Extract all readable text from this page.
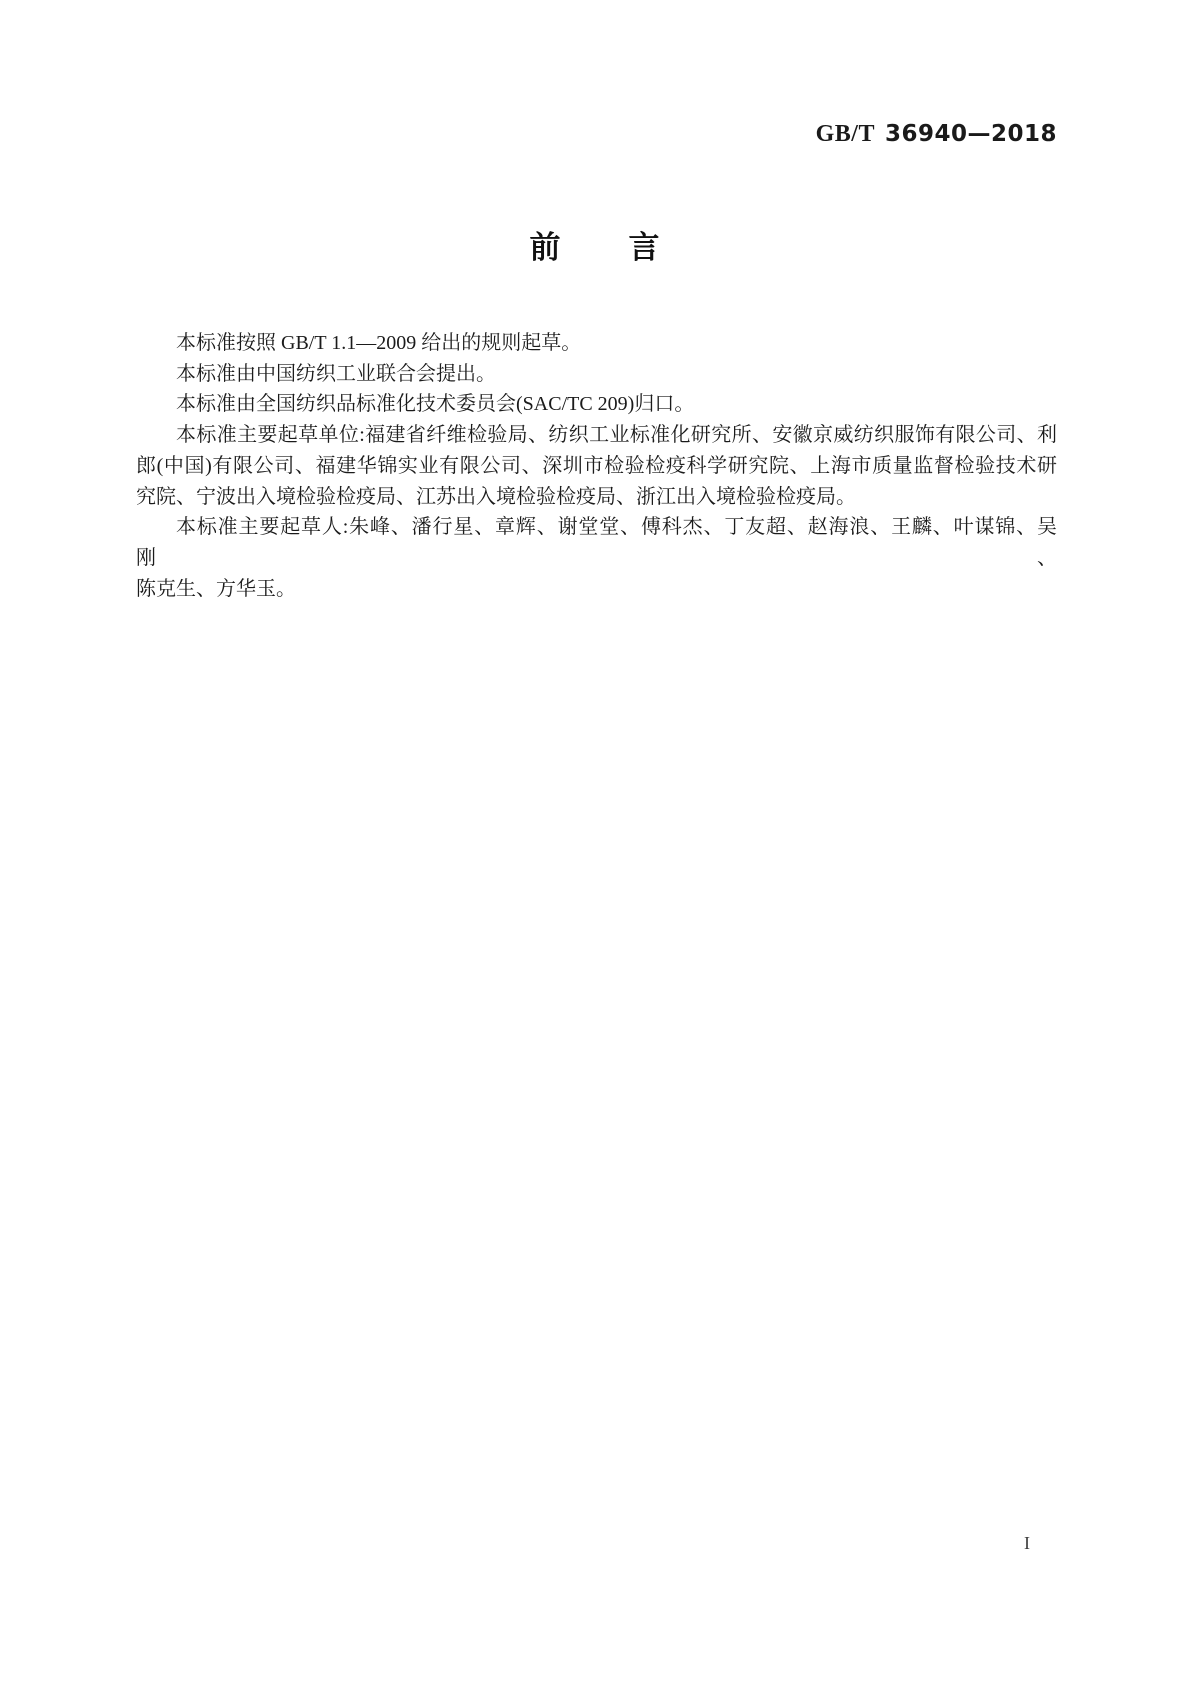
GB/T 36940—2018
前　　言

本标准按照 GB/T 1.1—2009 给出的规则起草。

本标准由中国纺织工业联合会提出。

本标准由全国纺织品标准化技术委员会(SAC/TC 209)归口。

本标准主要起草单位:福建省纤维检验局、纺织工业标准化研究所、安徽京威纺织服饰有限公司、利
郎(中国)有限公司、福建华锦实业有限公司、深圳市检验检疫科学研究院、上海市质量监督检验技术研
究院、宁波出入境检验检疫局、江苏出入境检验检疫局、浙江出入境检验检疫局。

本标准主要起草人:朱峰、潘行星、章辉、谢堂堂、傅科杰、丁友超、赵海浪、王麟、叶谋锦、吴刚、
陈克生、方华玉。

I
